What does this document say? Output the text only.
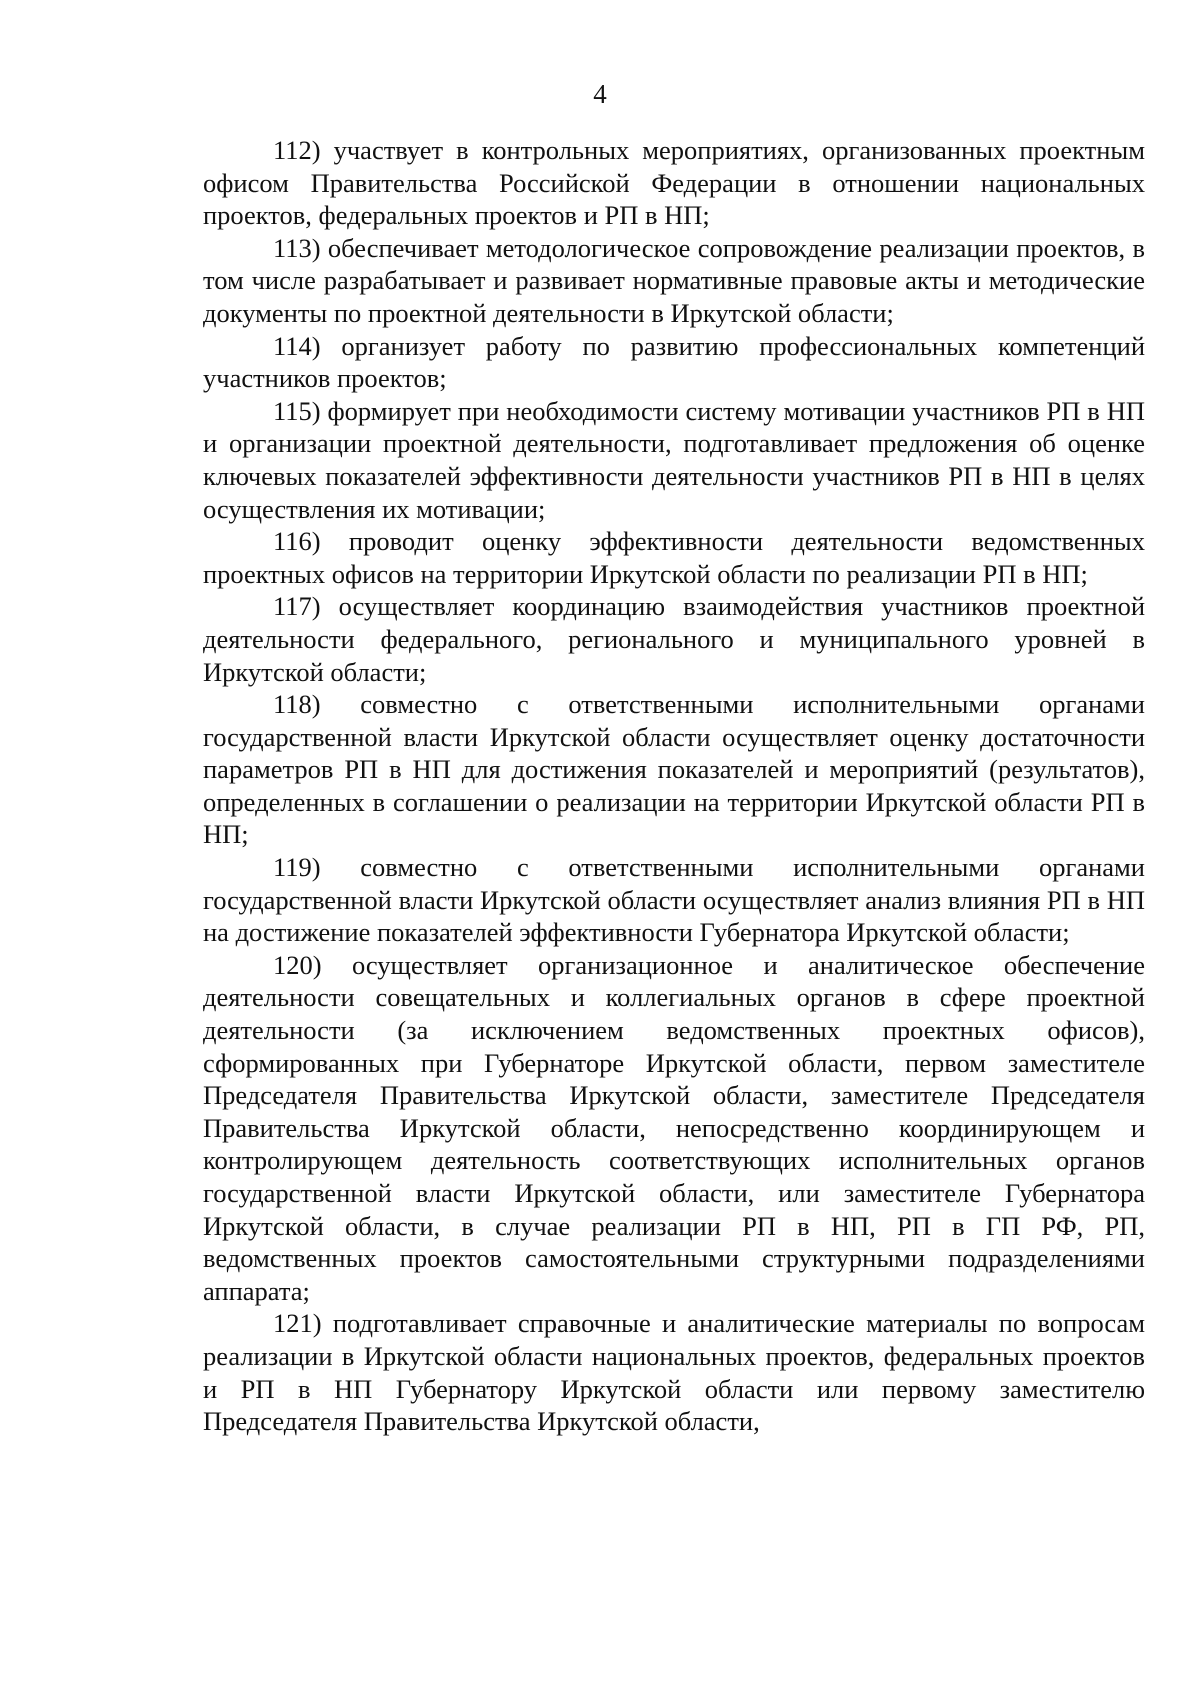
4

112) участвует в контрольных мероприятиях, организованных проектным офисом Правительства Российской Федерации в отношении национальных проектов, федеральных проектов и РП в НП;

113) обеспечивает методологическое сопровождение реализации проектов, в том числе разрабатывает и развивает нормативные правовые акты и методические документы по проектной деятельности в Иркутской области;

114) организует работу по развитию профессиональных компетенций участников проектов;

115) формирует при необходимости систему мотивации участников РП в НП и организации проектной деятельности, подготавливает предложения об оценке ключевых показателей эффективности деятельности участников РП в НП в целях осуществления их мотивации;

116) проводит оценку эффективности деятельности ведомственных проектных офисов на территории Иркутской области по реализации РП в НП;

117) осуществляет координацию взаимодействия участников проектной деятельности федерального, регионального и муниципального уровней в Иркутской области;

118) совместно с ответственными исполнительными органами государственной власти Иркутской области осуществляет оценку достаточности параметров РП в НП для достижения показателей и мероприятий (результатов), определенных в соглашении о реализации на территории Иркутской области РП в НП;

119) совместно с ответственными исполнительными органами государственной власти Иркутской области осуществляет анализ влияния РП в НП на достижение показателей эффективности Губернатора Иркутской области;

120) осуществляет организационное и аналитическое обеспечение деятельности совещательных и коллегиальных органов в сфере проектной деятельности (за исключением ведомственных проектных офисов), сформированных при Губернаторе Иркутской области, первом заместителе Председателя Правительства Иркутской области, заместителе Председателя Правительства Иркутской области, непосредственно координирующем и контролирующем деятельность соответствующих исполнительных органов государственной власти Иркутской области, или заместителе Губернатора Иркутской области, в случае реализации РП в НП, РП в ГП РФ, РП, ведомственных проектов самостоятельными структурными подразделениями аппарата;

121) подготавливает справочные и аналитические материалы по вопросам реализации в Иркутской области национальных проектов, федеральных проектов и РП в НП Губернатору Иркутской области или первому заместителю Председателя Правительства Иркутской области,
